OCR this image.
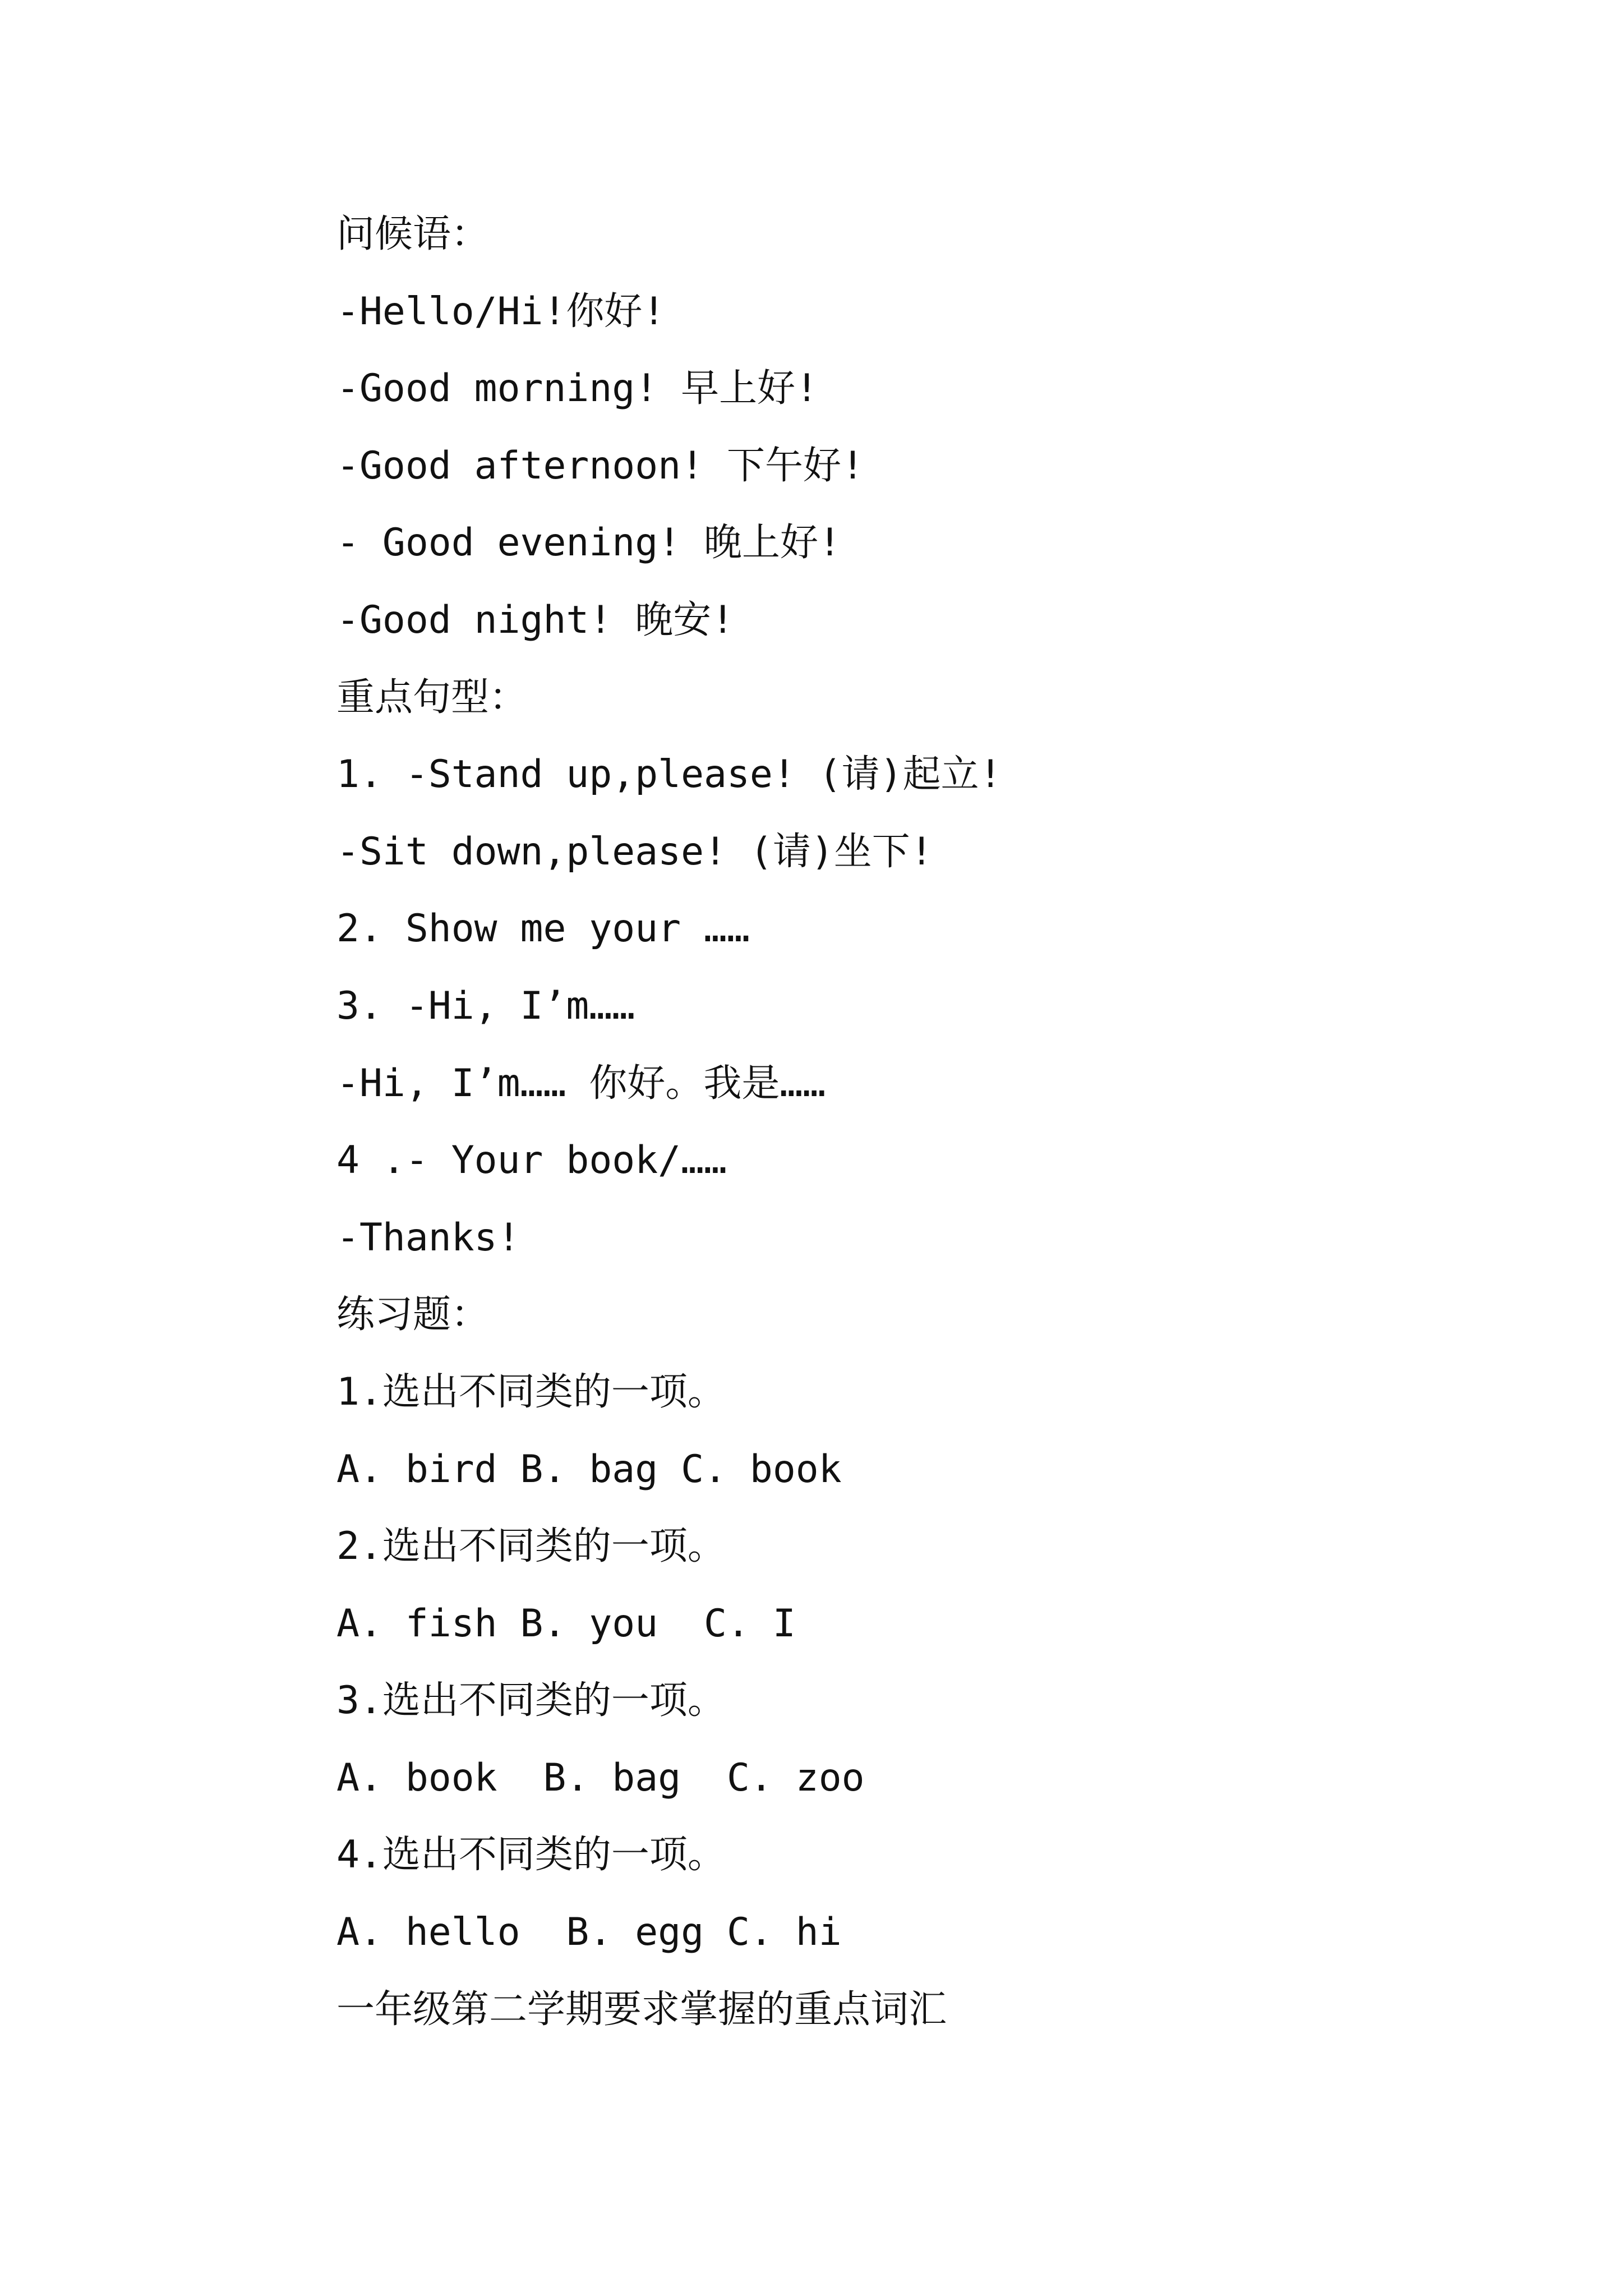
问候语：

-Hello/Hi!你好!

-Good morning! 早上好!

-Good afternoon! 下午好!

- Good evening! 晚上好!

-Good night! 晚安!

重点句型：

1. -Stand up,please! (请)起立!

-Sit down,please! (请)坐下!

2. Show me your ……

3. -Hi, I’m……

-Hi, I’m…… 你好。我是……

4 .- Your book/……

-Thanks!

练习题：

1.选出不同类的一项。

A. bird B. bag C. book

2.选出不同类的一项。

A. fish B. you  C. I

3.选出不同类的一项。

A. book  B. bag  C. zoo

4.选出不同类的一项。

A. hello  B. egg C. hi

一年级第二学期要求掌握的重点词汇
